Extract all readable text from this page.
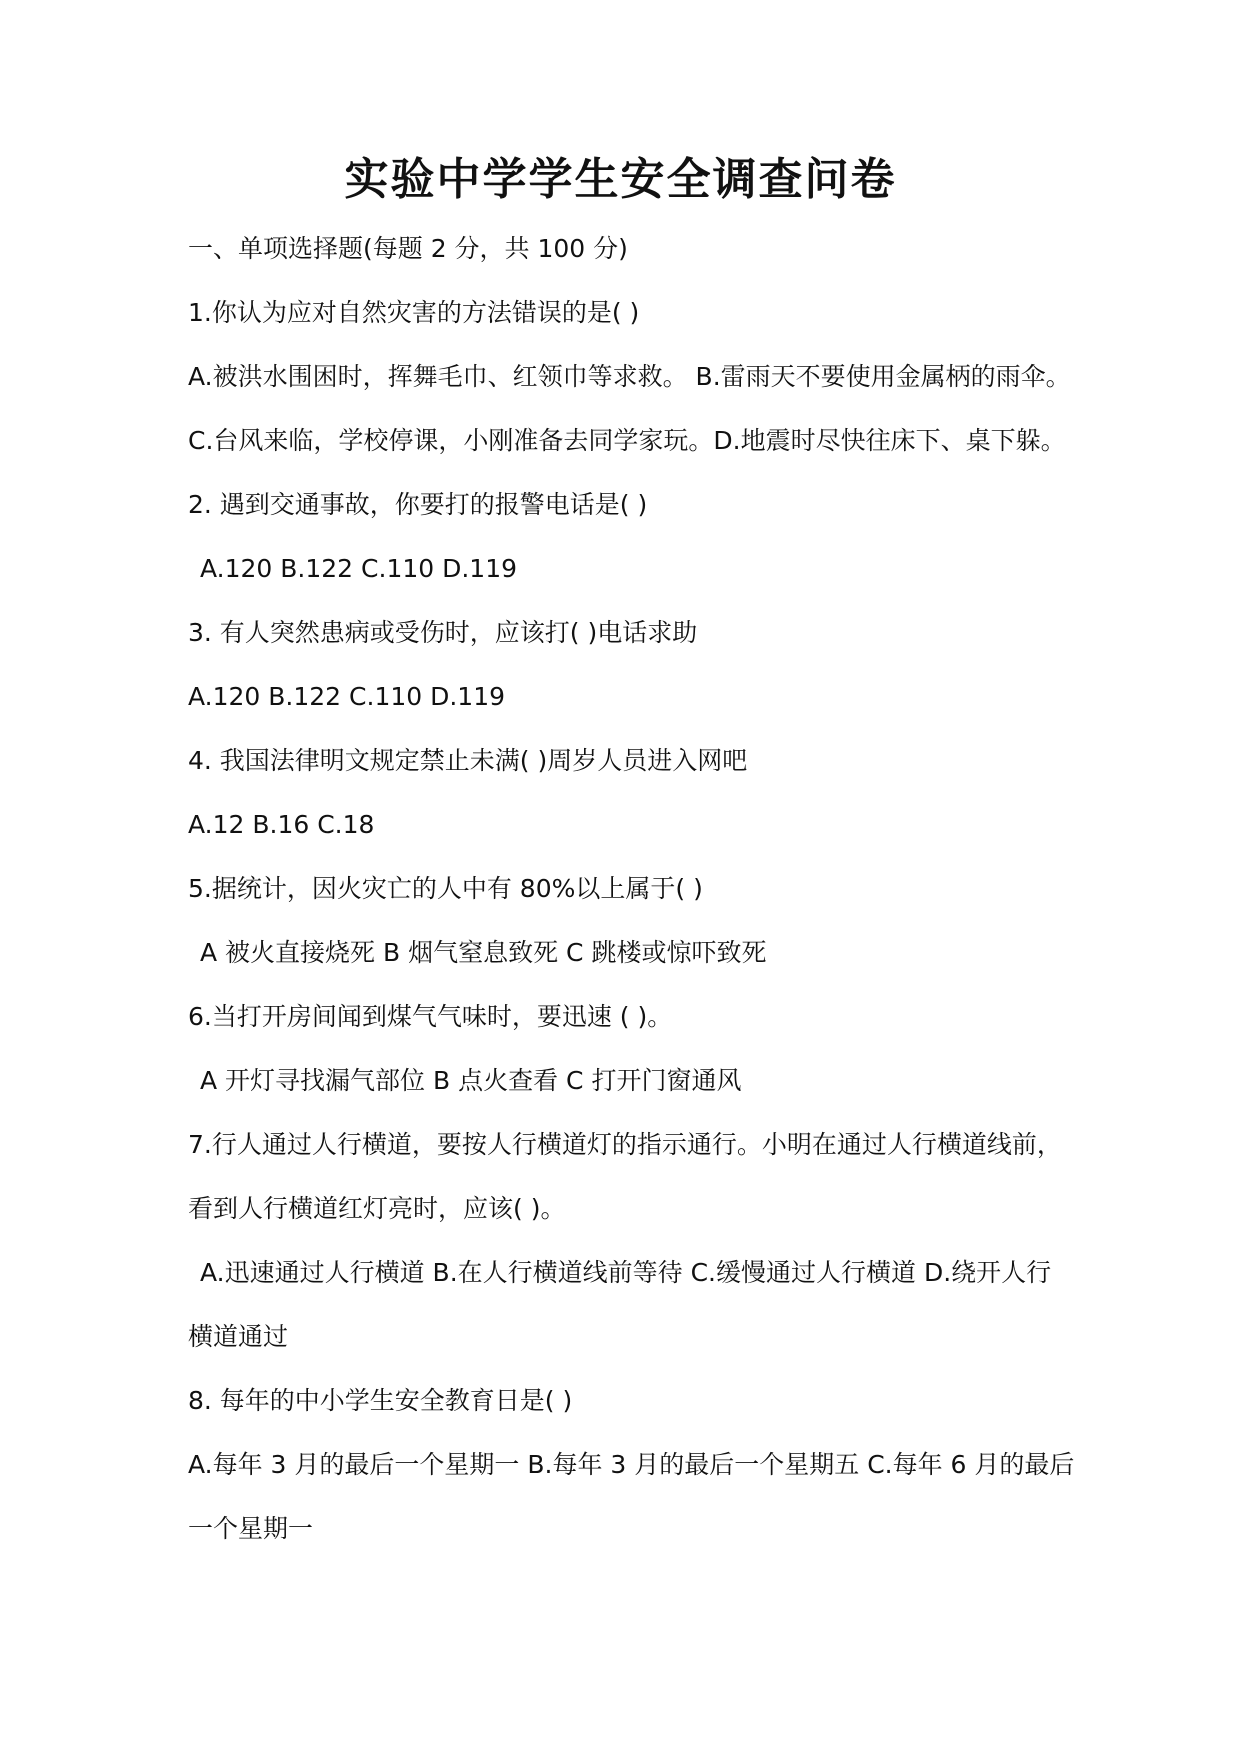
实验中学学生安全调查问卷
一、单项选择题(每题 2 分，共 100 分)
1.你认为应对自然灾害的方法错误的是( )
A.被洪水围困时，挥舞毛巾、红领巾等求救。 B.雷雨天不要使用金属柄的雨伞。
C.台风来临，学校停课，小刚准备去同学家玩。D.地震时尽快往床下、桌下躲。
2. 遇到交通事故，你要打的报警电话是( )
A.120 B.122 C.110 D.119
3. 有人突然患病或受伤时，应该打( )电话求助
A.120 B.122 C.110 D.119
4. 我国法律明文规定禁止未满( )周岁人员进入网吧
A.12 B.16 C.18
5.据统计，因火灾亡的人中有 80%以上属于( )
A 被火直接烧死 B 烟气窒息致死 C 跳楼或惊吓致死
6.当打开房间闻到煤气气味时，要迅速 ( )。
A 开灯寻找漏气部位 B 点火查看 C 打开门窗通风
7.行人通过人行横道，要按人行横道灯的指示通行。小明在通过人行横道线前，
看到人行横道红灯亮时，应该( )。
A.迅速通过人行横道 B.在人行横道线前等待 C.缓慢通过人行横道 D.绕开人行
横道通过
8. 每年的中小学生安全教育日是( )
A.每年 3 月的最后一个星期一 B.每年 3 月的最后一个星期五 C.每年 6 月的最后
一个星期一
